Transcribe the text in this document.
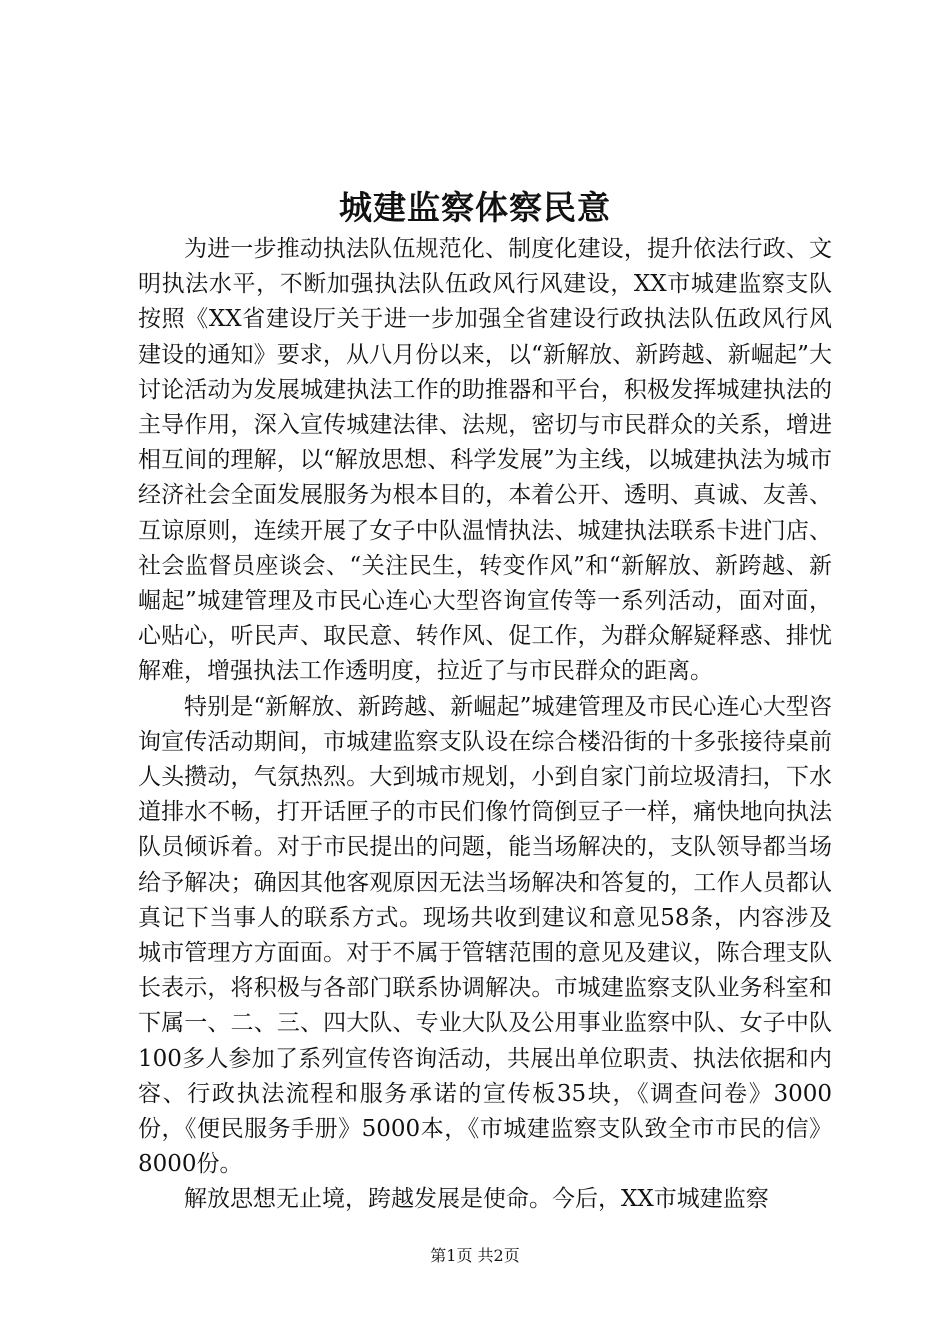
城建监察体察民意

为进一步推动执法队伍规范化、制度化建设，提升依法行政、文明执法水平，不断加强执法队伍政风行风建设，XX市城建监察支队按照《XX省建设厅关于进一步加强全省建设行政执法队伍政风行风建设的通知》要求，从八月份以来，以“新解放、新跨越、新崛起”大讨论活动为发展城建执法工作的助推器和平台，积极发挥城建执法的主导作用，深入宣传城建法律、法规，密切与市民群众的关系，增进相互间的理解，以“解放思想、科学发展”为主线，以城建执法为城市经济社会全面发展服务为根本目的，本着公开、透明、真诚、友善、互谅原则，连续开展了女子中队温情执法、城建执法联系卡进门店、社会监督员座谈会、“关注民生，转变作风”和“新解放、新跨越、新崛起”城建管理及市民心连心大型咨询宣传等一系列活动，面对面，心贴心，听民声、取民意、转作风、促工作，为群众解疑释惑、排忧解难，增强执法工作透明度，拉近了与市民群众的距离。

特别是“新解放、新跨越、新崛起”城建管理及市民心连心大型咨询宣传活动期间，市城建监察支队设在综合楼沿街的十多张接待桌前人头攒动，气氛热烈。大到城市规划，小到自家门前垃圾清扫，下水道排水不畅，打开话匣子的市民们像竹筒倒豆子一样，痛快地向执法队员倾诉着。对于市民提出的问题，能当场解决的，支队领导都当场给予解决；确因其他客观原因无法当场解决和答复的，工作人员都认真记下当事人的联系方式。现场共收到建议和意见58条，内容涉及城市管理方方面面。对于不属于管辖范围的意见及建议，陈合理支队长表示，将积极与各部门联系协调解决。市城建监察支队业务科室和下属一、二、三、四大队、专业大队及公用事业监察中队、女子中队100多人参加了系列宣传咨询活动，共展出单位职责、执法依据和内容、行政执法流程和服务承诺的宣传板35块，《调查问卷》3000份，《便民服务手册》5000本，《市城建监察支队致全市市民的信》8000份。

解放思想无止境，跨越发展是使命。今后，XX市城建监察

第1页 共2页
